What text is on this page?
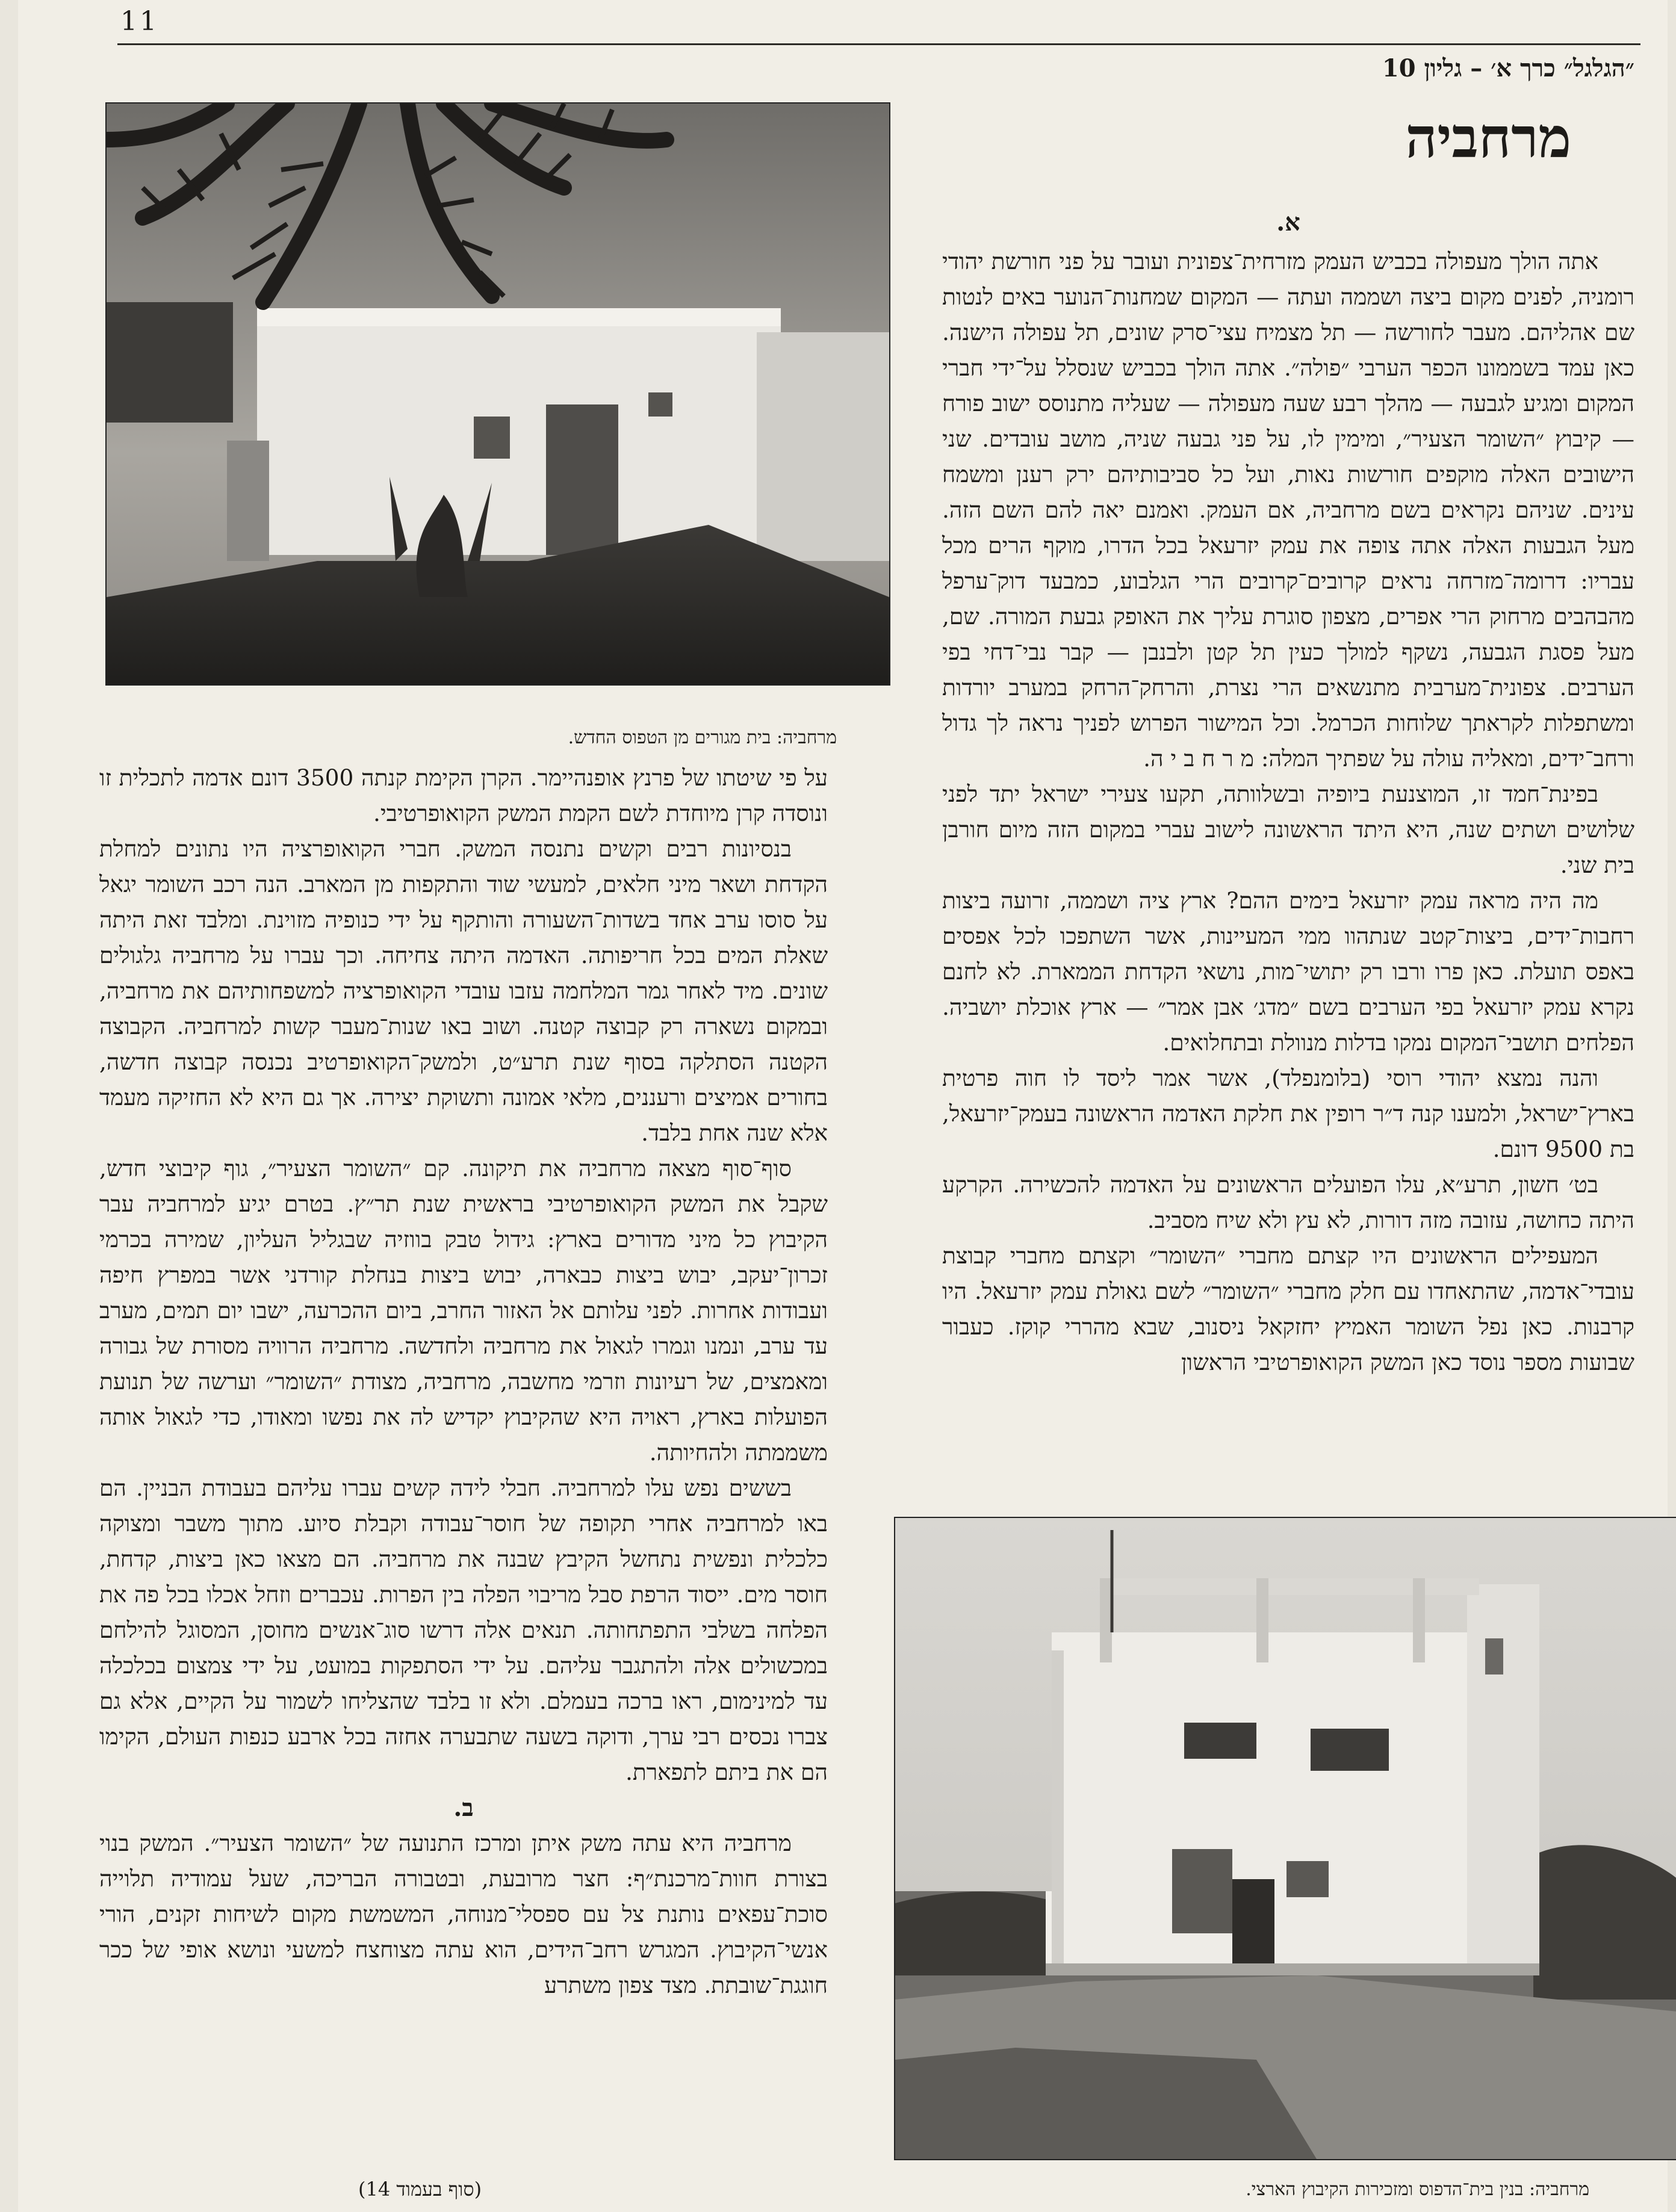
11
״הגלגל״ כרך א׳ – גליון 10
מרחביה

א.

אתה הולך מעפולה בכביש העמק מזרחית־צפונית ועובר על פני חורשת יהודי רומניה, לפנים מקום ביצה ושממה ועתה — המקום שמחנות־הנוער באים לנטות שם אהליהם. מעבר לחורשה — תל מצמיח עצי־סרק שונים, תל עפולה הישנה. כאן עמד בשממונו הכפר הערבי ״פולה״. אתה הולך בכביש שנסלל על־ידי חברי המקום ומגיע לגבעה — מהלך רבע שעה מעפולה — שעליה מתנוסס ישוב פורח — קיבוץ ״השומר הצעיר״, ומימין לו, על פני גבעה שניה, מושב עובדים. שני הישובים האלה מוקפים חורשות נאות, ועל כל סביבותיהם ירק רענן ומשמח עינים. שניהם נקראים בשם מרחביה, אם העמק. ואמנם יאה להם השם הזה. מעל הגבעות האלה אתה צופה את עמק יזרעאל בכל הדרו, מוקף הרים מכל עבריו: דרומה־מזרחה נראים קרובים־קרובים הרי הגלבוע, כמבעד דוק־ערפל מהבהבים מרחוק הרי אפרים, מצפון סוגרת עליך את האופק גבעת המורה. שם, מעל פסגת הגבעה, נשקף למולך כעין תל קטן ולבנבן — קבר נבי־דחי בפי הערבים. צפונית־מערבית מתנשאים הרי נצרת, והרחק־הרחק במערב יורדות ומשתפלות לקראתך שלוחות הכרמל. וכל המישור הפרוש לפניך נראה לך גדול ורחב־ידים, ומאליה עולה על שפתיך המלה: מ ר ח ב י ה.

בפינת־חמד זו, המוצנעת ביופיה ובשלוותה, תקעו צעירי ישראל יתד לפני שלושים ושתים שנה, היא היתד הראשונה לישוב עברי במקום הזה מיום חורבן בית שני.

מה היה מראה עמק יזרעאל בימים ההם? ארץ ציה ושממה, זרועה ביצות רחבות־ידים, ביצות־קטב שנתהוו ממי המעיינות, אשר השתפכו לכל אפסים באפס תועלת. כאן פרו ורבו רק יתושי־מות, נושאי הקדחת הממארת. לא לחנם נקרא עמק יזרעאל בפי הערבים בשם ״מדג׳ אבן אמר״ — ארץ אוכלת יושביה. הפלחים תושבי־המקום נמקו בדלות מנוולת ובתחלואים.

והנה נמצא יהודי רוסי (בלומנפלד), אשר אמר ליסד לו חוה פרטית בארץ־ישראל, ולמענו קנה ד״ר רופין את חלקת האדמה הראשונה בעמק־יזרעאל, בת 9500 דונם.

בט׳ חשון, תרע״א, עלו הפועלים הראשונים על האדמה להכשירה. הקרקע היתה כחושה, עזובה מזה דורות, לא עץ ולא שיח מסביב.

המעפילים הראשונים היו קצתם מחברי ״השומר״ וקצתם מחברי קבוצת עובדי־אדמה, שהתאחדו עם חלק מחברי ״השומר״ לשם גאולת עמק יזרעאל. היו קרבנות. כאן נפל השומר האמיץ יחזקאל ניסנוב, שבא מהררי קוקז. כעבור שבועות מספר נוסד כאן המשק הקואופרטיבי הראשון

מרחביה: בית מגורים מן הטפוס החדש.

על פי שיטתו של פרנץ אופנהיימר. הקרן הקימת קנתה 3500 דונם אדמה לתכלית זו ונוסדה קרן מיוחדת לשם הקמת המשק הקואופרטיבי.

בנסיונות רבים וקשים נתנסה המשק. חברי הקואופרציה היו נתונים למחלת הקדחת ושאר מיני חלאים, למעשי שוד והתקפות מן המארב. הנה רכב השומר יגאל על סוסו ערב אחד בשדות־השעורה והותקף על ידי כנופיה מזוינת. ומלבד זאת היתה שאלת המים בכל חריפותה. האדמה היתה צחיחה. וכך עברו על מרחביה גלגולים שונים. מיד לאחר גמר המלחמה עזבו עובדי הקואופרציה למשפחותיהם את מרחביה, ובמקום נשארה רק קבוצה קטנה. ושוב באו שנות־מעבר קשות למרחביה. הקבוצה הקטנה הסתלקה בסוף שנת תרע״ט, ולמשק־הקואופרטיב נכנסה קבוצה חדשה, בחורים אמיצים ורעננים, מלאי אמונה ותשוקת יצירה. אך גם היא לא החזיקה מעמד אלא שנה אחת בלבד.

סוף־סוף מצאה מרחביה את תיקונה. קם ״השומר הצעיר״, גוף קיבוצי חדש, שקבל את המשק הקואופרטיבי בראשית שנת תר״ץ. בטרם יגיע למרחביה עבר הקיבוץ כל מיני מדורים בארץ: גידול טבק בווזיה שבגליל העליון, שמירה בכרמי זכרון־יעקב, יבוש ביצות כבארה, יבוש ביצות בנחלת קורדני אשר במפרץ חיפה ועבודות אחרות. לפני עלותם אל האזור החרב, ביום ההכרעה, ישבו יום תמים, מערב עד ערב, ונמנו וגמרו לגאול את מרחביה ולחדשה. מרחביה הרוויה מסורת של גבורה ומאמצים, של רעיונות וזרמי מחשבה, מרחביה, מצודת ״השומר״ וערשה של תנועת הפועלות בארץ, ראויה היא שהקיבוץ יקדיש לה את נפשו ומאודו, כדי לגאול אותה משממתה ולהחיותה.

בששים נפש עלו למרחביה. חבלי לידה קשים עברו עליהם בעבודת הבניין. הם באו למרחביה אחרי תקופה של חוסר־עבודה וקבלת סיוע. מתוך משבר ומצוקה כלכלית ונפשית נתחשל הקיבץ שבנה את מרחביה. הם מצאו כאן ביצות, קדחת, חוסר מים. ייסוד הרפת סבל מריבוי הפלה בין הפרות. עכברים וזחל אכלו בכל פה את הפלחה בשלבי התפתחותה. תנאים אלה דרשו סוג־אנשים מחוסן, המסוגל להילחם במכשולים אלה ולהתגבר עליהם. על ידי הסתפקות במועט, על ידי צמצום בכלכלה עד למינימום, ראו ברכה בעמלם. ולא זו בלבד שהצליחו לשמור על הקיים, אלא גם צברו נכסים רבי ערך, ודוקה בשעה שתבערה אחזה בכל ארבע כנפות העולם, הקימו הם את ביתם לתפארת.

ב.

מרחביה היא עתה משק איתן ומרכז התנועה של ״השומר הצעיר״. המשק בנוי בצורת חוות־מרכנת״ף: חצר מרובעת, ובטבורה הבריכה, שעל עמודיה תלוייה סוכת־עפאים נותנת צל עם ספסלי־מנוחה, המשמשת מקום לשיחות זקנים, הורי אנשי־הקיבוץ. המגרש רחב־הידים, הוא עתה מצוחצח למשעי ונושא אופי של ככר חוגגת־שובתת. מצד צפון משתרע

מרחביה: בנין בית־הדפוס ומזכירות הקיבוץ הארצי.
(סוף בעמוד 14)
